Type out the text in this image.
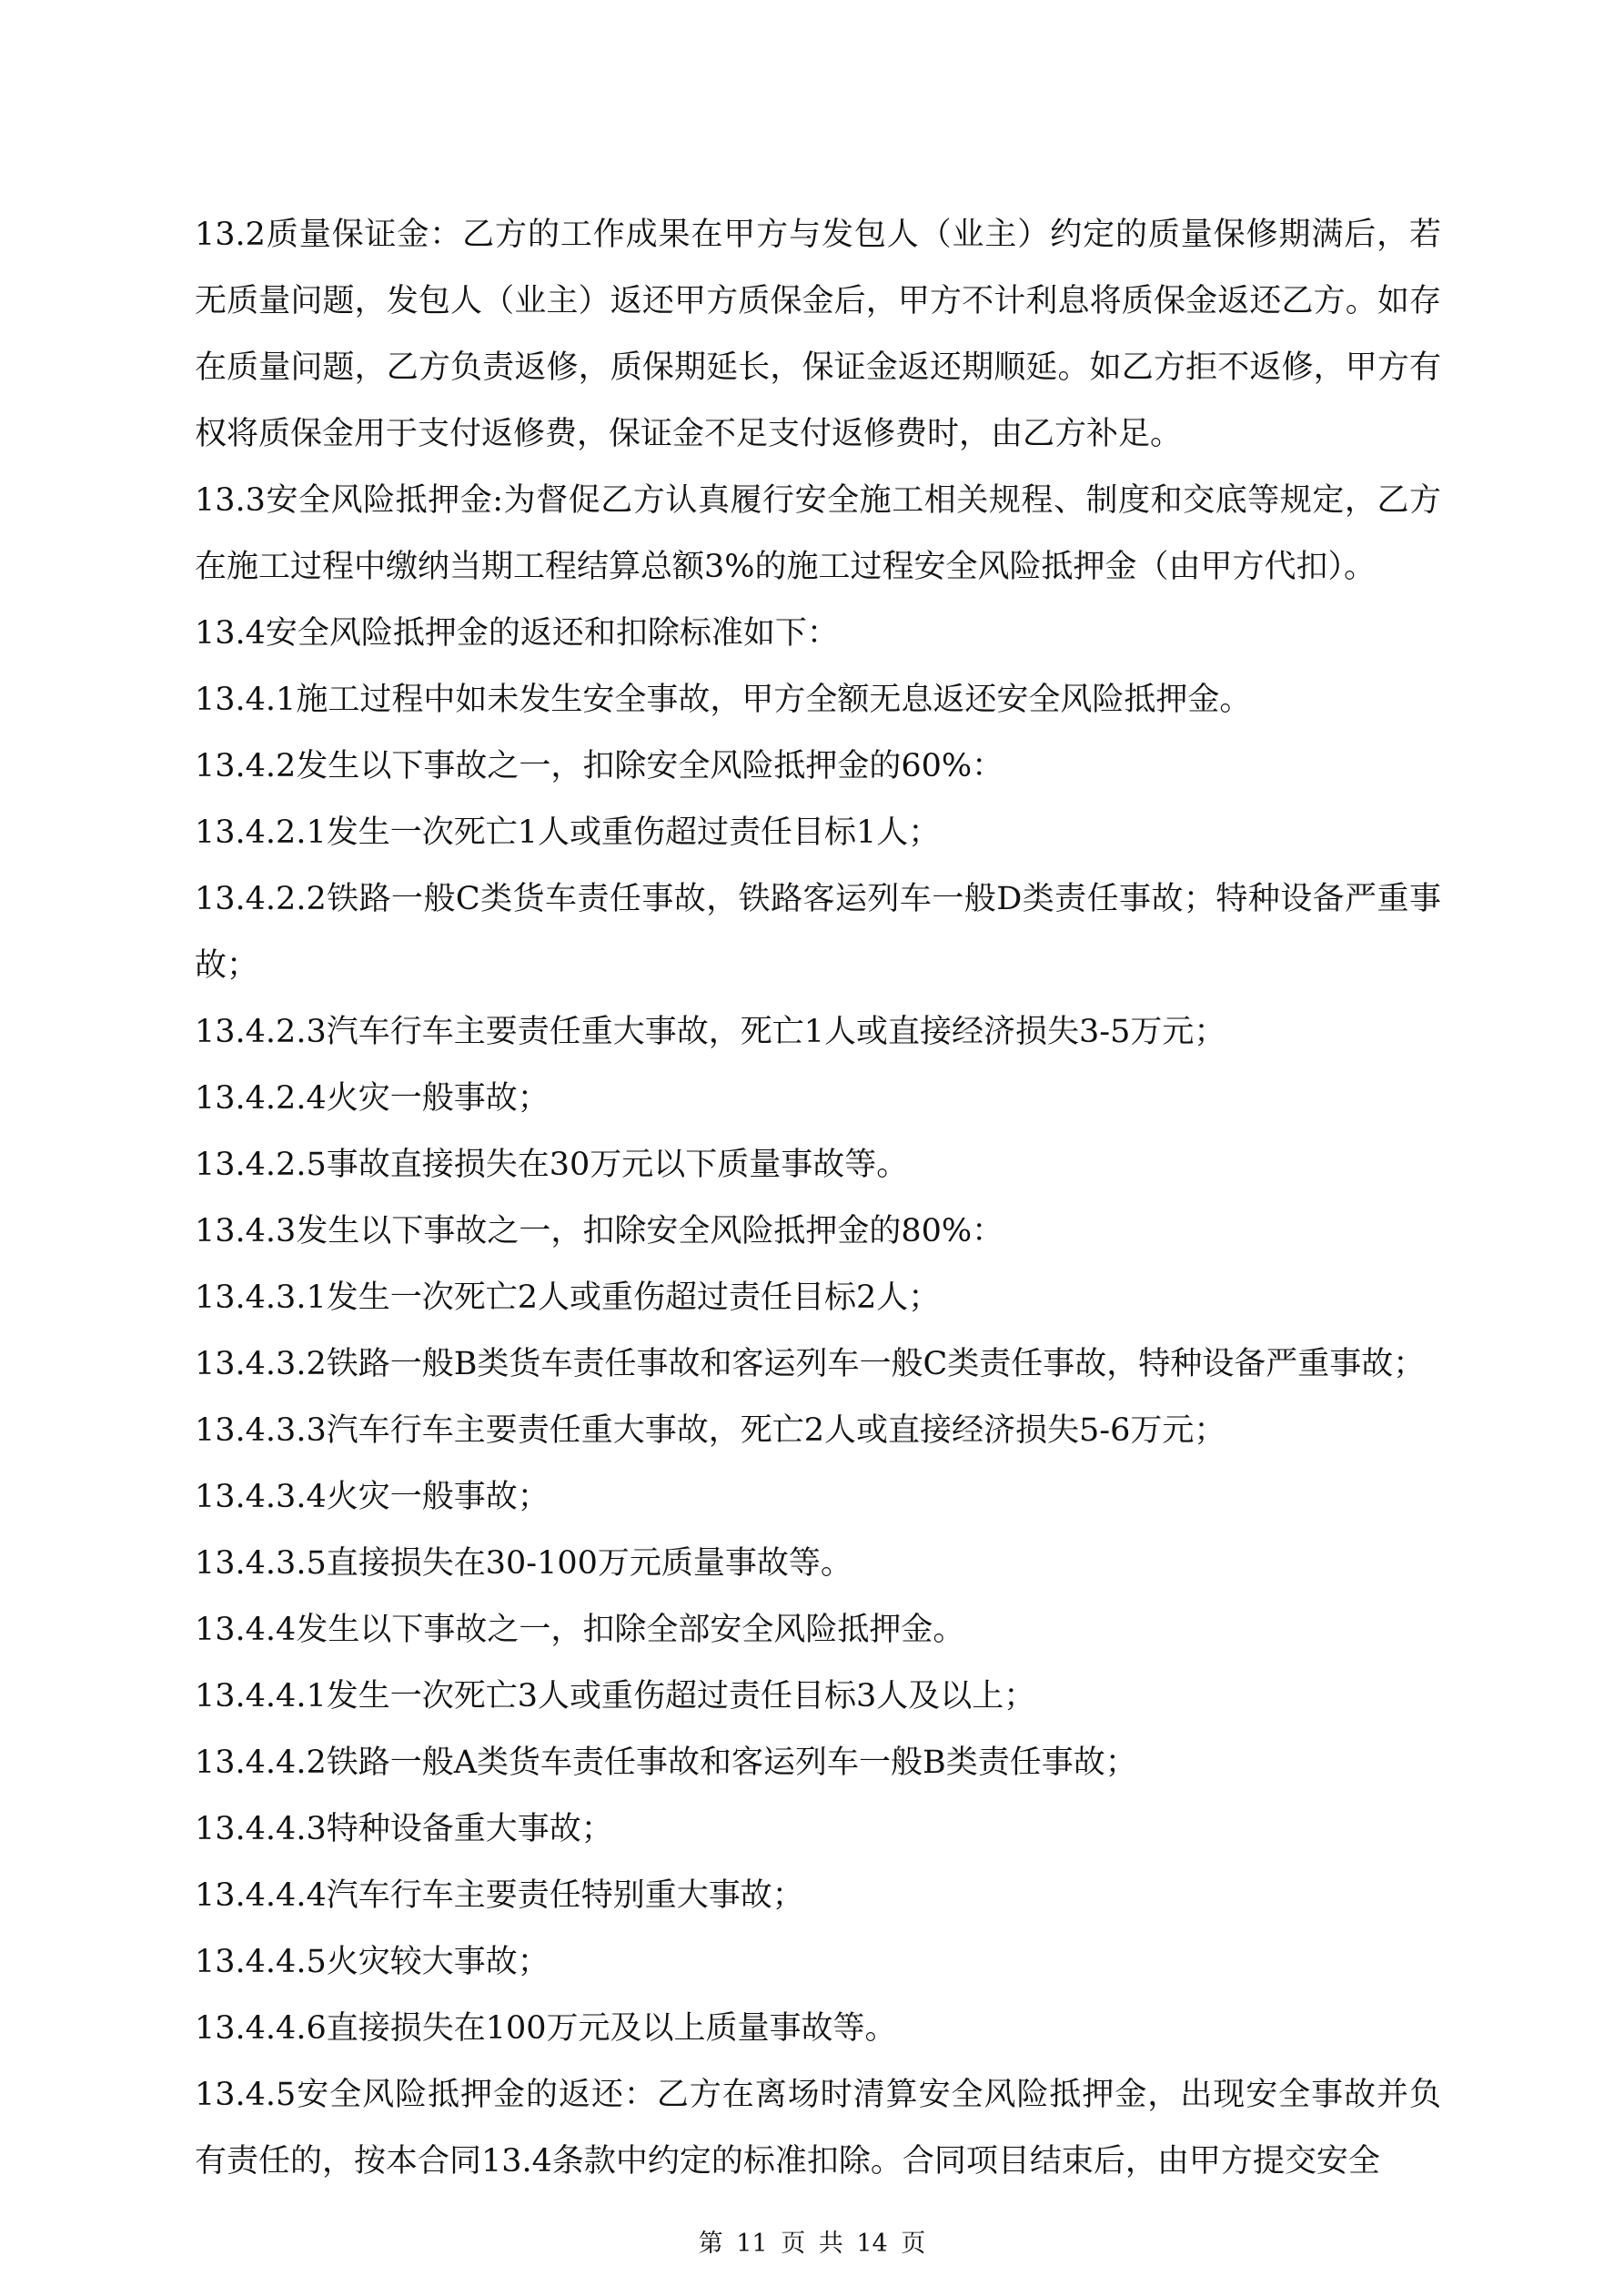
13.2质量保证金：乙方的工作成果在甲方与发包人（业主）约定的质量保修期满后，若无质量问题，发包人（业主）返还甲方质保金后，甲方不计利息将质保金返还乙方。如存在质量问题，乙方负责返修，质保期延长，保证金返还期顺延。如乙方拒不返修，甲方有权将质保金用于支付返修费，保证金不足支付返修费时，由乙方补足。

13.3安全风险抵押金:为督促乙方认真履行安全施工相关规程、制度和交底等规定，乙方在施工过程中缴纳当期工程结算总额3%的施工过程安全风险抵押金（由甲方代扣）。

13.4安全风险抵押金的返还和扣除标准如下：

13.4.1施工过程中如未发生安全事故，甲方全额无息返还安全风险抵押金。

13.4.2发生以下事故之一，扣除安全风险抵押金的60%：

13.4.2.1发生一次死亡1人或重伤超过责任目标1人；

13.4.2.2铁路一般C类货车责任事故，铁路客运列车一般D类责任事故；特种设备严重事故；

13.4.2.3汽车行车主要责任重大事故，死亡1人或直接经济损失3-5万元；

13.4.2.4火灾一般事故；

13.4.2.5事故直接损失在30万元以下质量事故等。

13.4.3发生以下事故之一，扣除安全风险抵押金的80%：

13.4.3.1发生一次死亡2人或重伤超过责任目标2人；

13.4.3.2铁路一般B类货车责任事故和客运列车一般C类责任事故，特种设备严重事故；

13.4.3.3汽车行车主要责任重大事故，死亡2人或直接经济损失5-6万元；

13.4.3.4火灾一般事故；

13.4.3.5直接损失在30-100万元质量事故等。

13.4.4发生以下事故之一，扣除全部安全风险抵押金。

13.4.4.1发生一次死亡3人或重伤超过责任目标3人及以上；

13.4.4.2铁路一般A类货车责任事故和客运列车一般B类责任事故；

13.4.4.3特种设备重大事故；

13.4.4.4汽车行车主要责任特别重大事故；

13.4.4.5火灾较大事故；

13.4.4.6直接损失在100万元及以上质量事故等。

13.4.5安全风险抵押金的返还：乙方在离场时清算安全风险抵押金，出现安全事故并负有责任的，按本合同13.4条款中约定的标准扣除。合同项目结束后，由甲方提交安全

第 11 页 共 14 页
